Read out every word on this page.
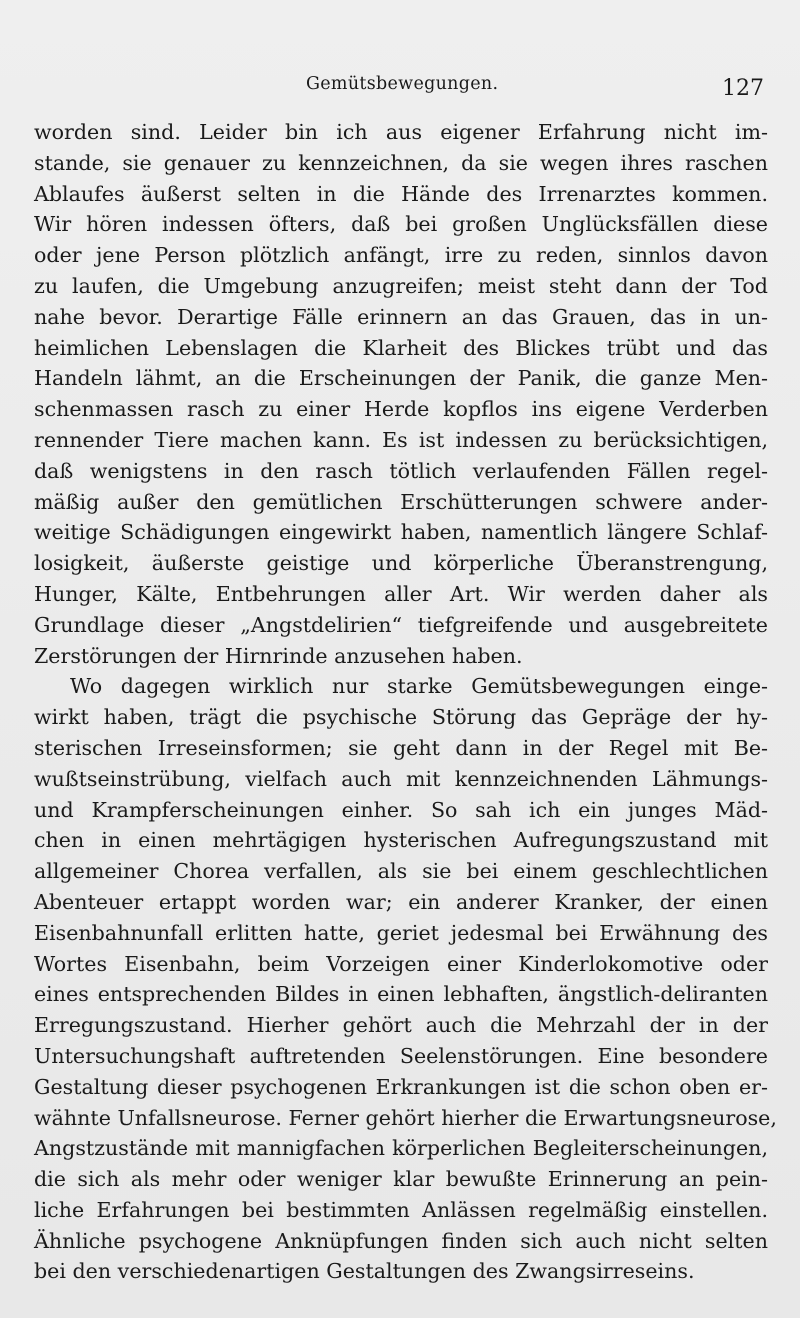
Gemütsbewegungen.	127
worden sind. Leider bin ich aus eigener Erfahrung nicht im-
stande, sie genauer zu kennzeichnen, da sie wegen ihres raschen
Ablaufes äußerst selten in die Hände des Irrenarztes kommen.
Wir hören indessen öfters, daß bei großen Unglücksfällen diese
oder jene Person plötzlich anfängt, irre zu reden, sinnlos davon
zu laufen, die Umgebung anzugreifen; meist steht dann der Tod
nahe bevor. Derartige Fälle erinnern an das Grauen, das in un-
heimlichen Lebenslagen die Klarheit des Blickes trübt und das
Handeln lähmt, an die Erscheinungen der Panik, die ganze Men-
schenmassen rasch zu einer Herde kopflos ins eigene Verderben
rennender Tiere machen kann. Es ist indessen zu berücksichtigen,
daß wenigstens in den rasch tötlich verlaufenden Fällen regel-
mäßig außer den gemütlichen Erschütterungen schwere ander-
weitige Schädigungen eingewirkt haben, namentlich längere Schlaf-
losigkeit, äußerste geistige und körperliche Überanstrengung,
Hunger, Kälte, Entbehrungen aller Art. Wir werden daher als
Grundlage dieser „Angstdelirien“ tiefgreifende und ausgebreitete
Zerstörungen der Hirnrinde anzusehen haben.
Wo dagegen wirklich nur starke Gemütsbewegungen einge-
wirkt haben, trägt die psychische Störung das Gepräge der hy-
sterischen Irreseinsformen; sie geht dann in der Regel mit Be-
wußtseinstrübung, vielfach auch mit kennzeichnenden Lähmungs-
und Krampferscheinungen einher. So sah ich ein junges Mäd-
chen in einen mehrtägigen hysterischen Aufregungszustand mit
allgemeiner Chorea verfallen, als sie bei einem geschlechtlichen
Abenteuer ertappt worden war; ein anderer Kranker, der einen
Eisenbahnunfall erlitten hatte, geriet jedesmal bei Erwähnung des
Wortes Eisenbahn, beim Vorzeigen einer Kinderlokomotive oder
eines entsprechenden Bildes in einen lebhaften, ängstlich-deliranten
Erregungszustand. Hierher gehört auch die Mehrzahl der in der
Untersuchungshaft auftretenden Seelenstörungen. Eine besondere
Gestaltung dieser psychogenen Erkrankungen ist die schon oben er-
wähnte Unfallsneurose. Ferner gehört hierher die Erwartungsneurose,
Angstzustände mit mannigfachen körperlichen Begleiterscheinungen,
die sich als mehr oder weniger klar bewußte Erinnerung an pein-
liche Erfahrungen bei bestimmten Anlässen regelmäßig einstellen.
Ähnliche psychogene Anknüpfungen finden sich auch nicht selten
bei den verschiedenartigen Gestaltungen des Zwangsirreseins.
